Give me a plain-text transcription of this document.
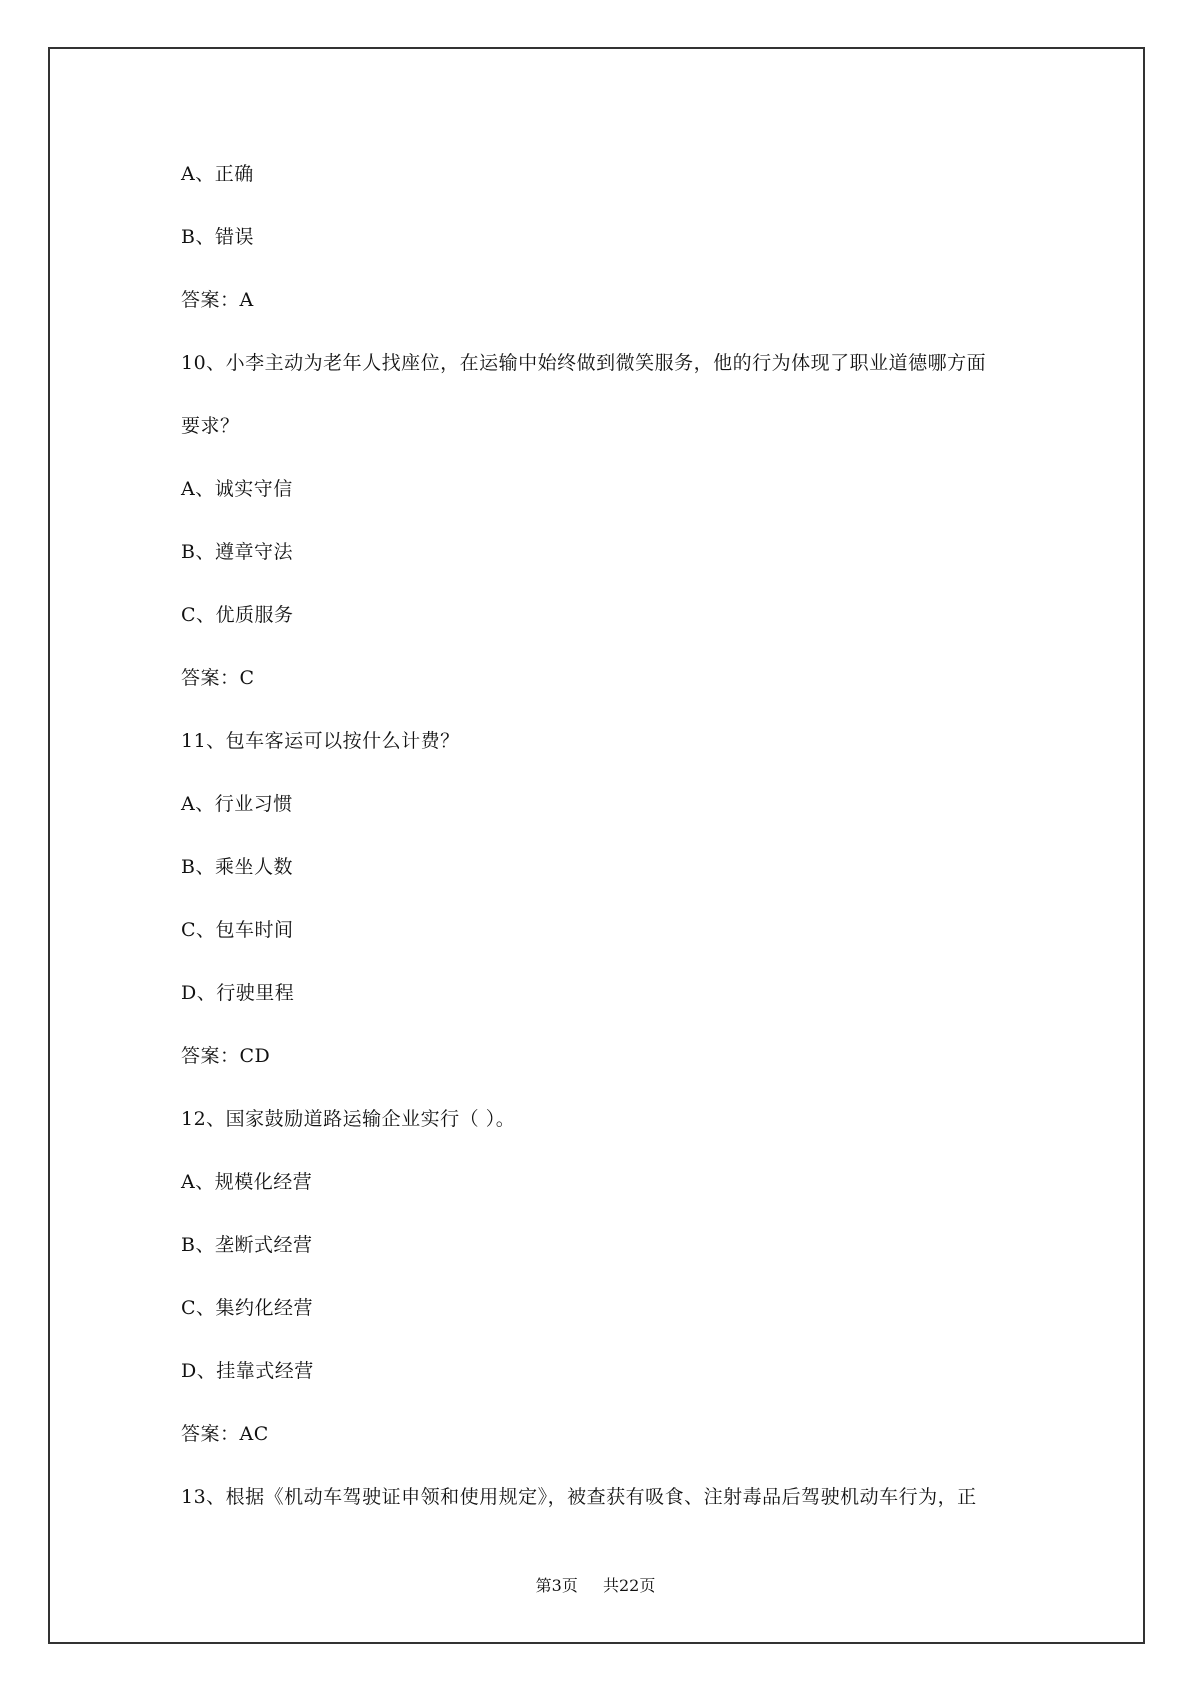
A、正确
B、错误
答案：A
10、小李主动为老年人找座位，在运输中始终做到微笑服务，他的行为体现了职业道德哪方面
要求？
A、诚实守信
B、遵章守法
C、优质服务
答案：C
11、包车客运可以按什么计费？
A、行业习惯
B、乘坐人数
C、包车时间
D、行驶里程
答案：CD
12、国家鼓励道路运输企业实行（ ）。
A、规模化经营
B、垄断式经营
C、集约化经营
D、挂靠式经营
答案：AC
13、根据《机动车驾驶证申领和使用规定》，被查获有吸食、注射毒品后驾驶机动车行为，正
第3页 共22页
